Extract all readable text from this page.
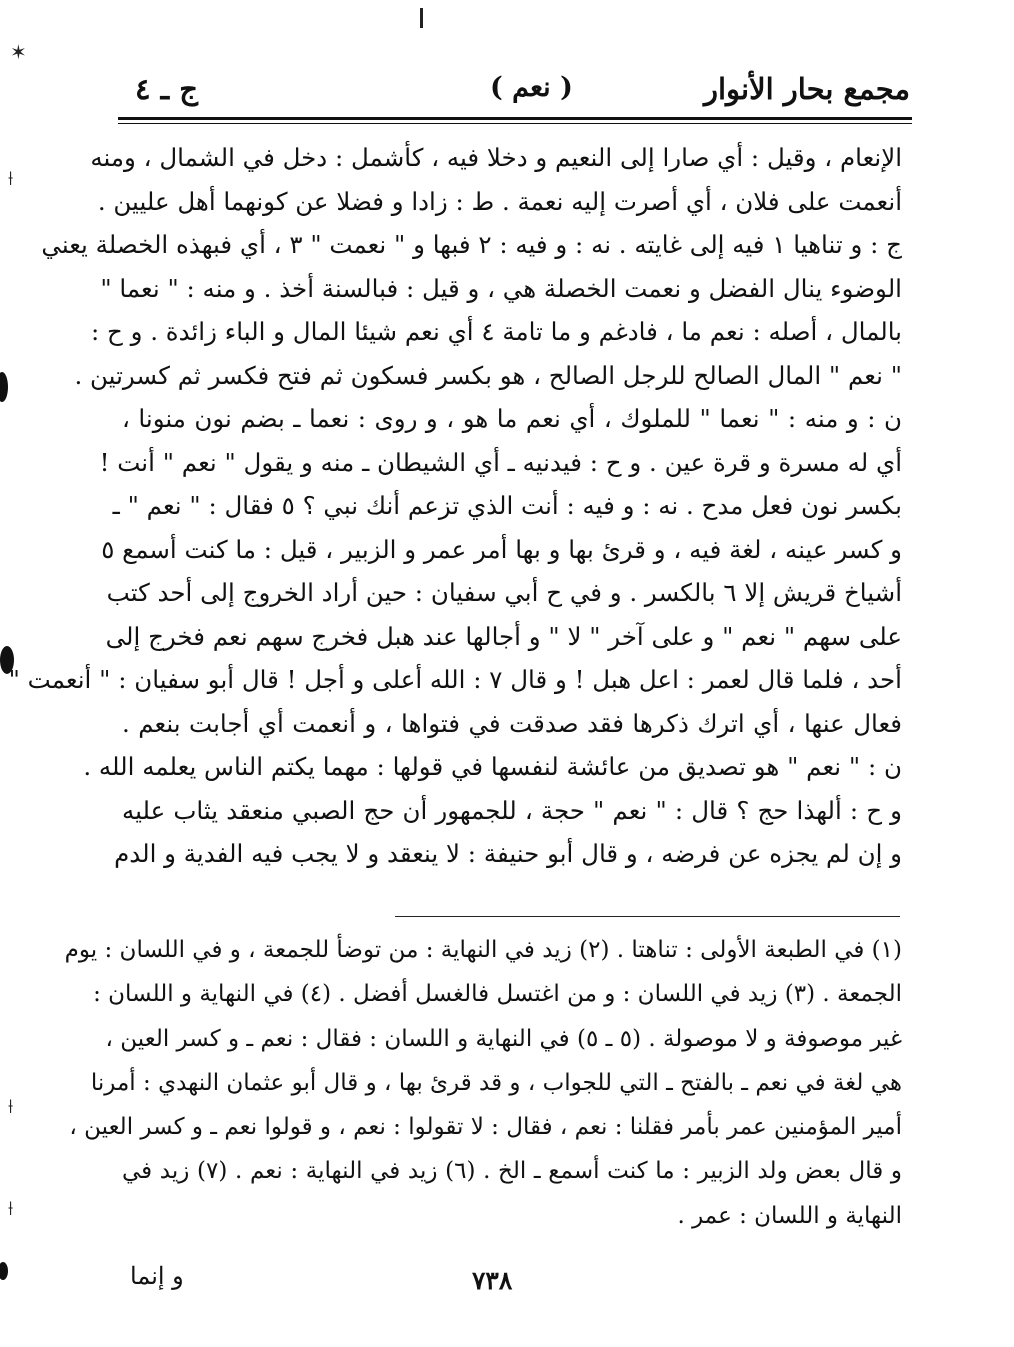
✶
⟊
⟊
⟊
مجمع بحار الأنوار
( نعم )
ج ـ ٤
الإنعام ، وقيل : أي صارا إلى النعيم و دخلا فيه ، كأشمل : دخل في الشمال ، ومنه
أنعمت على فلان ، أي أصرت إليه نعمة . ط : زادا و فضلا عن كونهما أهل عليين .
ج : و تناهيا ١ فيه إلى غايته . نه : و فيه : ٢ فبها و " نعمت " ٣ ، أي فبهذه الخصلة يعني
الوضوء ينال الفضل و نعمت الخصلة هي ، و قيل : فبالسنة أخذ . و منه : " نعما "
بالمال ، أصله : نعم ما ، فادغم و ما تامة ٤ أي نعم شيئا المال و الباء زائدة . و ح :
" نعم " المال الصالح للرجل الصالح ، هو بكسر فسكون ثم فتح فكسر ثم كسرتين .
ن : و منه : " نعما " للملوك ، أي نعم ما هو ، و روى : نعما ـ بضم نون منونا ،
أي له مسرة و قرة عين . و ح : فيدنيه ـ أي الشيطان ـ منه و يقول " نعم " أنت !
بكسر نون فعل مدح . نه : و فيه : أنت الذي تزعم أنك نبي ؟ ٥ فقال : " نعم " ـ
و كسر عينه ، لغة فيه ، و قرئ بها و بها أمر عمر و الزبير ، قيل : ما كنت أسمع ٥
أشياخ قريش إلا ٦ بالكسر . و في ح أبي سفيان : حين أراد الخروج إلى أحد كتب
على سهم " نعم " و على آخر " لا " و أجالها عند هبل فخرج سهم نعم فخرج إلى
أحد ، فلما قال لعمر : اعل هبل ! و قال ٧ : الله أعلى و أجل ! قال أبو سفيان : " أنعمت "
فعال عنها ، أي اترك ذكرها فقد صدقت في فتواها ، و أنعمت أي أجابت بنعم .
ن : " نعم " هو تصديق من عائشة لنفسها في قولها : مهما يكتم الناس يعلمه الله .
و ح : ألهذا حج ؟ قال : " نعم " حجة ، للجمهور أن حج الصبي منعقد يثاب عليه
و إن لم يجزه عن فرضه ، و قال أبو حنيفة : لا ينعقد و لا يجب فيه الفدية و الدم
(١) في الطبعة الأولى : تناهتا . (٢) زيد في النهاية : من توضأ للجمعة ، و في اللسان : يوم
الجمعة . (٣) زيد في اللسان : و من اغتسل فالغسل أفضل . (٤) في النهاية و اللسان :
غير موصوفة و لا موصولة . (٥ ـ ٥) في النهاية و اللسان : فقال : نعم ـ و كسر العين ،
هي لغة في نعم ـ بالفتح ـ التي للجواب ، و قد قرئ بها ، و قال أبو عثمان النهدي : أمرنا
أمير المؤمنين عمر بأمر فقلنا : نعم ، فقال : لا تقولوا : نعم ، و قولوا نعم ـ و كسر العين ،
و قال بعض ولد الزبير : ما كنت أسمع ـ الخ . (٦) زيد في النهاية : نعم . (٧) زيد في
النهاية و اللسان : عمر .
و إنما	٧٣٨
